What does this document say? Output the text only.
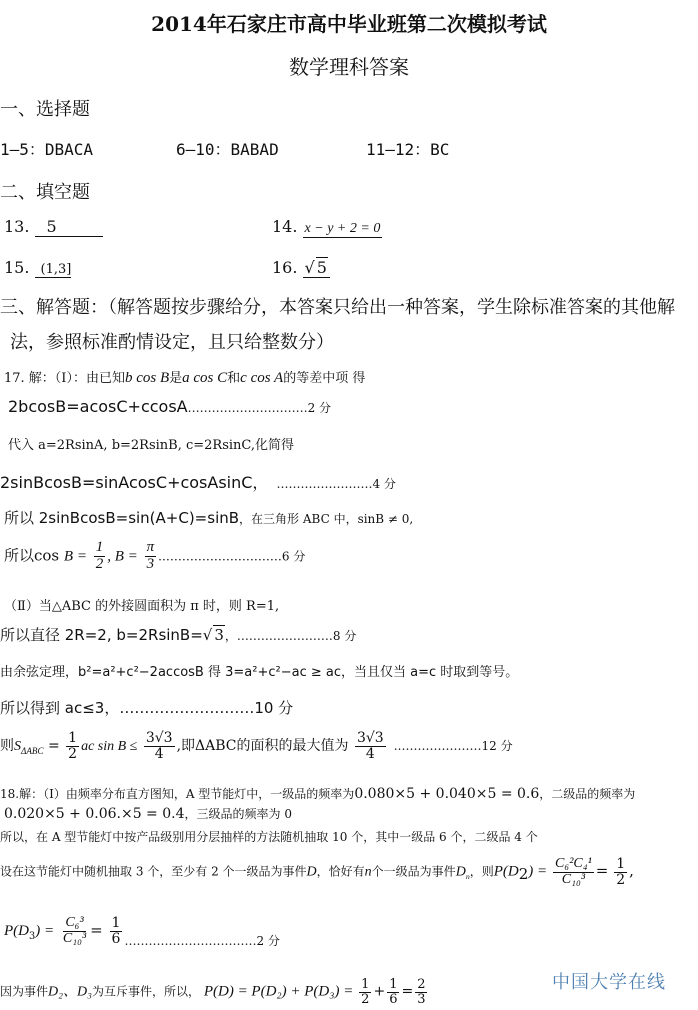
2014年石家庄市高中毕业班第二次模拟考试
数学理科答案
一、选择题
1—5：DBACA	6—10：BABAD	11—12：BC
二、填空题
13. 5	14. x − y + 2 = 0
15. (1,3]	16. √ 5
三、解答题：（解答题按步骤给分，本答案只给出一种答案，学生除标准答案的其他解
法，参照标准酌情设定，且只给整数分）
17. 解：（Ⅰ）：由已知b cos B是a cos C和c cos A的等差中项 得
2bcosB=acosC+ccosA…………………………2 分
代入 a=2RsinA, b=2RsinB, c=2RsinC,化简得
2sinBcosB=sinAcosC+cosAsinC， ……………………4 分
所以 2sinBcosB=sin(A+C)=sinB，在三角形 ABC 中，sinB ≠ 0,
所以$\cos B = \frac{1}{2}$ , $B = \frac{\pi}{3}$ .…………………………6 分
（Ⅱ）当△ABC 的外接圆面积为 π 时，则 R=1,
所以直径 2R=2, b=2RsinB=√ 3，……………………8 分
由余弦定理，b²=a²+c²−2accosB 得 3=a²+c²−ac ≥ ac，当且仅当 a=c 时取到等号。
所以得到 ac≤3，………………………10 分
则$S_{\Delta ABC} = \frac{1}{2}$ ac $\sin B \le \frac{3√3}{4}$ ,即ΔABC的面积的最大值为 $\frac{3√3}{4}$ .…………………12 分
18.解：（Ⅰ）由频率分布直方图知，A 型节能灯中，一级品的频率为0.080×5 + 0.040×5 = 0.6，二级品的频率为
0.020×5 + 0.06.×5 = 0.4，三级品的频率为 0
所以，在 A 型节能灯中按产品级别用分层抽样的方法随机抽取 10 个，其中一级品 6 个，二级品 4 个
设在这节能灯中随机抽取 3 个，至少有 2 个一级品为事件D，恰好有n个一级品为事件$D_n$，则$P(D_2) = \frac{\text{C₆²C₄¹}}{\text{C₁₀³}} = \frac{1}{2}$ ,
$P(D_3) = \frac{\text{C₆³}}{\text{C₁₀³}} = \frac{1}{6} _{\dots\dots\dots\dots\dots\dots\dots\dots\dots\dots\dots 2 分}$
中国大学在线
因为事件D₂、D₃为互斥事件，所以， $P(D) = P(D_2) + P(D_3) = \frac{1}{2} + \frac{1}{6} = \frac{2}{3}$
